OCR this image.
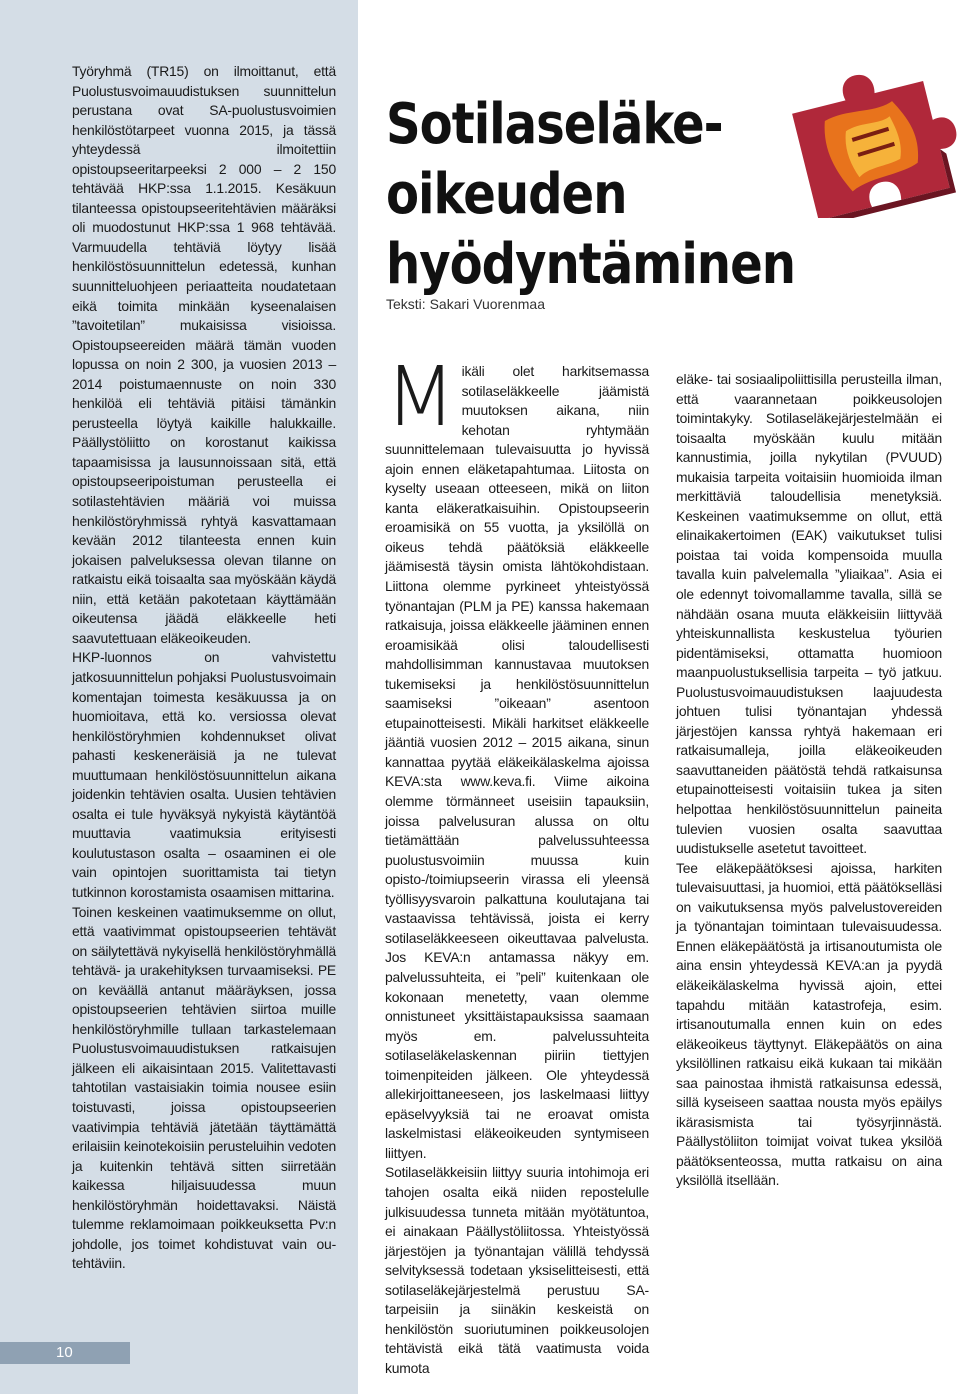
Työryhmä (TR15) on ilmoittanut, että Puolustusvoimauudistuksen suunnittelun perustana ovat SA-puolustusvoimien henkilöstötarpeet vuonna 2015, ja tässä yhteydessä ilmoitettiin opistoupseeritarpeeksi 2 000 – 2 150 tehtävää HKP:ssa 1.1.2015. Kesäkuun tilanteessa opistoupseeritehtävien määräksi oli muodostunut HKP:ssa 1 968 tehtävää. Varmuudella tehtäviä löytyy lisää henkilöstösuunnittelun edetessä, kunhan suunnitteluohjeen periaatteita noudatetaan eikä toimita minkään kyseenalaisen ”tavoitetilan” mukaisissa visioissa. Opistoupseereiden määrä tämän vuoden lopussa on noin 2 300, ja vuosien 2013 – 2014 poistumaennuste on noin 330 henkilöä eli tehtäviä pitäisi tämänkin perusteella löytyä kaikille halukkaille. Päällystöliitto on korostanut kaikissa tapaamisissa ja lausunnoissaan sitä, että opistoupseeripoistuman perusteella ei sotilastehtävien määriä voi muissa henkilöstöryhmissä ryhtyä kasvattamaan kevään 2012 tilanteesta ennen kuin jokaisen palveluksessa olevan tilanne on ratkaistu eikä toisaalta saa myöskään käydä niin, että ketään pakotetaan käyttämään oikeutensa jäädä eläkkeelle heti saavutettuaan eläkeoikeuden.

HKP-luonnos on vahvistettu jatkosuunnittelun pohjaksi Puolustusvoimain komentajan toimesta kesäkuussa ja on huomioitava, että ko. versiossa olevat henkilöstöryhmien kohdennukset olivat pahasti keskeneräisiä ja ne tulevat muuttumaan henkilöstösuunnittelun aikana joidenkin tehtävien osalta. Uusien tehtävien osalta ei tule hyväksyä nykyistä käytäntöä muuttavia vaatimuksia erityisesti koulutustason osalta – osaaminen ei ole vain opintojen suorittamista tai tietyn tutkinnon korostamista osaamisen mittarina.

Toinen keskeinen vaatimuksemme on ollut, että vaativimmat opistoupseerien tehtävät on säilytettävä nykyisellä henkilöstöryhmällä tehtävä- ja urakehityksen turvaamiseksi. PE on keväällä antanut määräyksen, jossa opistoupseerien tehtävien siirtoa muille henkilöstöryhmille tullaan tarkastelemaan Puolustusvoimauudistuksen ratkaisujen jälkeen eli aikaisintaan 2015. Valitettavasti tahtotilan vastaisiakin toimia nousee esiin toistuvasti, joissa opistoupseerien vaativimpia tehtäviä jätetään täyttämättä erilaisiin keinotekoisiin perusteluihin vedoten ja kuitenkin tehtävä sitten siirretään kaikessa hiljaisuudessa muun henkilöstöryhmän hoidettavaksi. Näistä tulemme reklamoimaan poikkeuksetta Pv:n johdolle, jos toimet kohdistuvat vain ou-tehtäviin.

10
Sotilaseläke-
oikeuden
hyödyntäminen
Teksti: Sakari Vuorenmaa

Mikäli olet harkitsemassa sotilaseläkkeelle jäämistä muutoksen aikana, niin kehotan ryhtymään suunnittelemaan tulevaisuutta jo hyvissä ajoin ennen eläketapahtumaa. Liitosta on kyselty useaan otteeseen, mikä on liiton kanta eläkeratkaisuihin. Opistoupseerin eroamisikä on 55 vuotta, ja yksilöllä on oikeus tehdä päätöksiä eläkkeelle jäämisestä täysin omista lähtökohdistaan. Liittona olemme pyrkineet yhteistyössä työnantajan (PLM ja PE) kanssa hakemaan ratkaisuja, joissa eläkkeelle jääminen ennen eroamisikää olisi taloudellisesti mahdollisimman kannustavaa muutoksen tukemiseksi ja henkilöstösuunnittelun saamiseksi ”oikeaan” asentoon etupainotteisesti. Mikäli harkitset eläkkeelle jääntiä vuosien 2012 – 2015 aikana, sinun kannattaa pyytää eläkeikälaskelma ajoissa KEVA:sta www.keva.fi. Viime aikoina olemme törmänneet useisiin tapauksiin, joissa palvelusuran alussa on oltu tietämättään palvelussuhteessa puolustusvoimiin muussa kuin opisto-/toimiupseerin virassa eli yleensä työllisyysvaroin palkattuna koulutajana tai vastaavissa tehtävissä, joista ei kerry sotilaseläkkeeseen oikeuttavaa palvelusta. Jos KEVA:n antamassa näkyy em. palvelussuhteita, ei ”peli” kuitenkaan ole kokonaan menetetty, vaan olemme onnistuneet yksittäistapauksissa saamaan myös em. palvelussuhteita sotilaseläkelaskennan piiriin tiettyjen toimenpiteiden jälkeen. Ole yhteydessä allekirjoittaneeseen, jos laskelmaasi liittyy epäselvyyksiä tai ne eroavat omista laskelmistasi eläkeoikeuden syntymiseen liittyen.

Sotilaseläkkeisiin liittyy suuria intohimoja eri tahojen osalta eikä niiden repostelulle julkisuudessa tunneta mitään myötätuntoa, ei ainakaan Päällystöliitossa. Yhteistyössä järjestöjen ja työnantajan välillä tehdyssä selvityksessä todetaan yksiselitteisesti, että sotilaseläkejärjestelmä perustuu SA-tarpeisiin ja siinäkin keskeistä on henkilöstön suoriutuminen poikkeusolojen tehtävistä eikä tätä vaatimusta voida kumota

eläke- tai sosiaalipoliittisilla perusteilla ilman, että vaarannetaan poikkeusolojen toimintakyky. Sotilaseläkejärjestelmään ei toisaalta myöskään kuulu mitään kannustimia, joilla nykytilan (PVUUD) mukaisia tarpeita voitaisiin huomioida ilman merkittäviä taloudellisia menetyksiä. Keskeinen vaatimuksemme on ollut, että elinaikakertoimen (EAK) vaikutukset tulisi poistaa tai voida kompensoida muulla tavalla kuin palvelemalla ”yliaikaa”. Asia ei ole edennyt toivomallamme tavalla, sillä se nähdään osana muuta eläkkeisiin liittyvää yhteiskunnallista keskustelua työurien pidentämiseksi, ottamatta huomioon maanpuolustuksellisia tarpeita – työ jatkuu. Puolustusvoimauudistuksen laajuudesta johtuen tulisi työnantajan yhdessä järjestöjen kanssa ryhtyä hakemaan eri ratkaisumalleja, joilla eläkeoikeuden saavuttaneiden päätöstä tehdä ratkaisunsa etupainotteisesti voitaisiin tukea ja siten helpottaa henkilöstösuunnittelun paineita tulevien vuosien osalta saavuttaa uudistukselle asetetut tavoitteet.

Tee eläkepäätöksesi ajoissa, harkiten tulevaisuuttasi, ja huomioi, että päätökselläsi on vaikutuksensa myös palvelustovereiden ja työnantajan toimintaan tulevaisuudessa. Ennen eläkepäätöstä ja irtisanoutumista ole aina ensin yhteydessä KEVA:an ja pyydä eläkeikälaskelma hyvissä ajoin, ettei tapahdu mitään katastrofeja, esim. irtisanoutumalla ennen kuin on edes eläkeoikeus täyttynyt. Eläkepäätös on aina yksilöllinen ratkaisu eikä kukaan tai mikään saa painostaa ihmistä ratkaisunsa edessä, sillä kyseiseen saattaa nousta myös epäilys ikärasismista tai työsyrjinnästä. Päällystöliiton toimijat voivat tukea yksilöä päätöksenteossa, mutta ratkaisu on aina yksilöllä itsellään.
